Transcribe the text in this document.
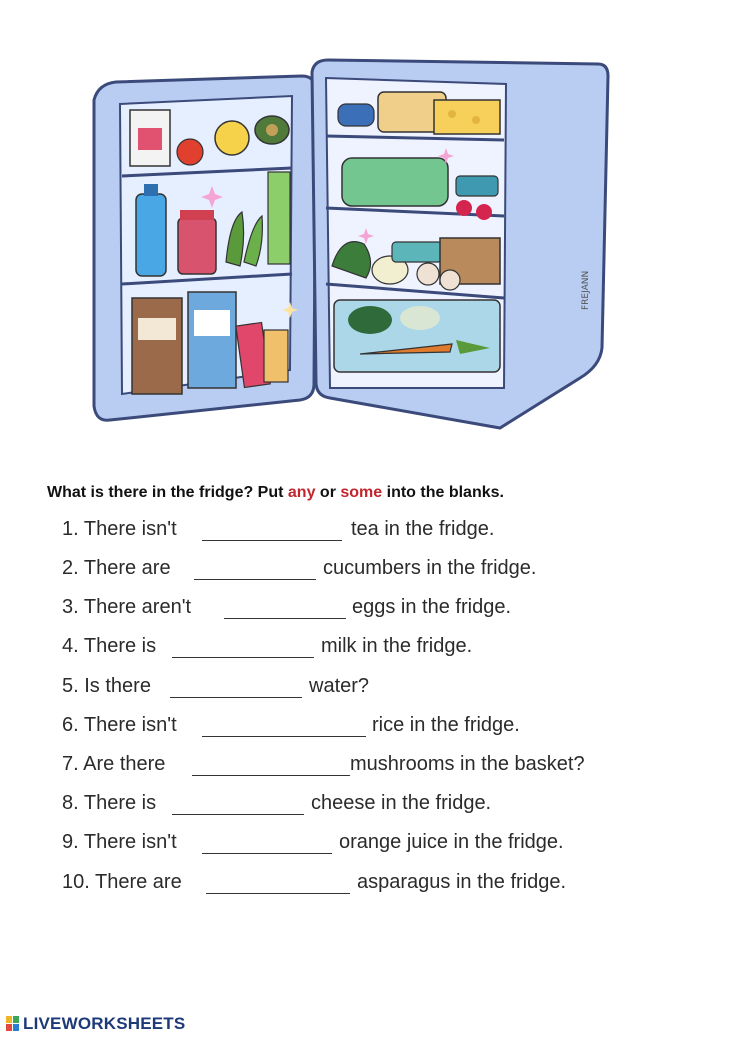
FREJANN
What is there in the fridge? Put any or some into the blanks.
1. There isn't	tea in the fridge.
2. There are	cucumbers in the fridge.
3. There aren't	eggs in the fridge.
4. There is	milk in the fridge.
5. Is there	water?
6. There isn't	rice in the fridge.
7. Are there	mushrooms in the basket?
8. There is	cheese in the fridge.
9. There isn't	orange juice in the fridge.
10. There are	asparagus in the fridge.
LIVEWORKSHEETS
